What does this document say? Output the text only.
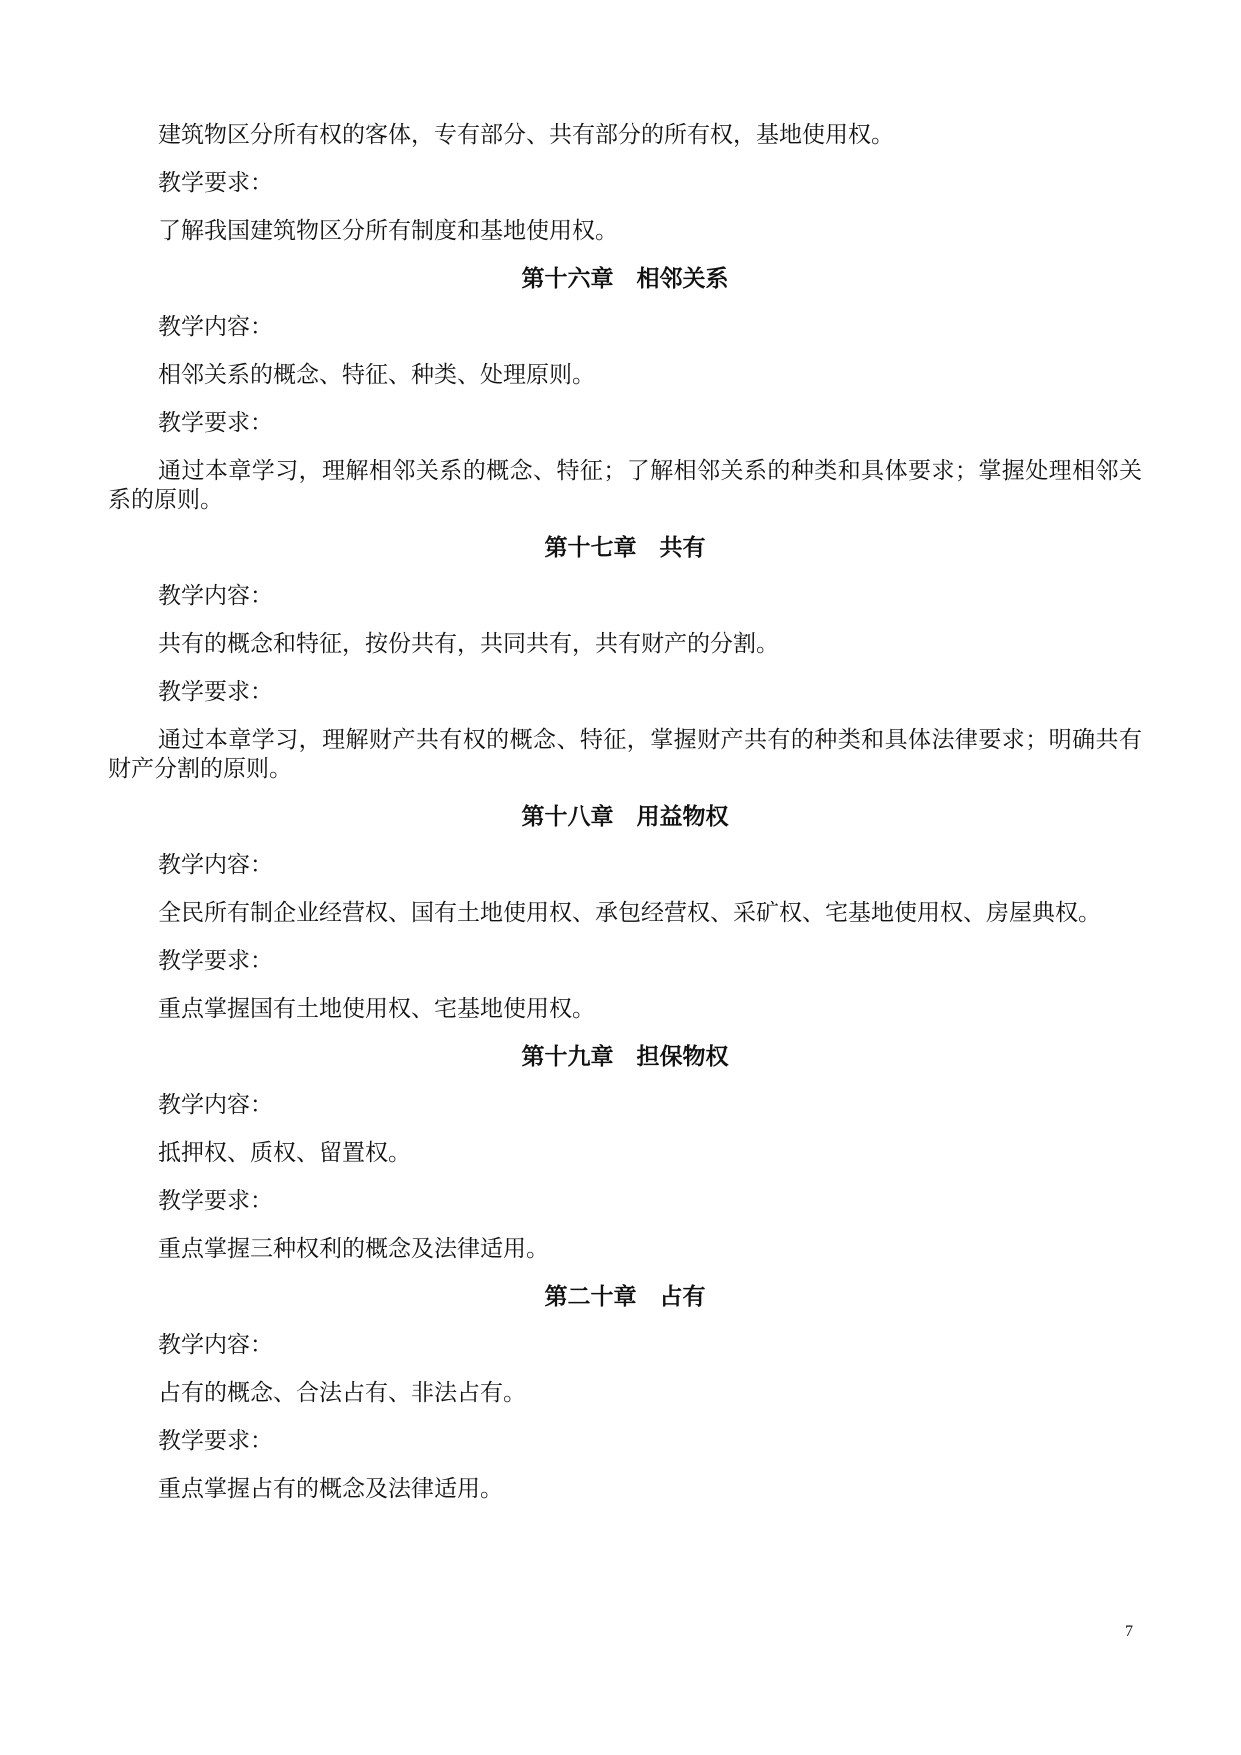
建筑物区分所有权的客体，专有部分、共有部分的所有权，基地使用权。
教学要求：
了解我国建筑物区分所有制度和基地使用权。
第十六章　相邻关系
教学内容：
相邻关系的概念、特征、种类、处理原则。
教学要求：
通过本章学习，理解相邻关系的概念、特征；了解相邻关系的种类和具体要求；掌握处理相邻关系的原则。
第十七章　共有
教学内容：
共有的概念和特征，按份共有，共同共有，共有财产的分割。
教学要求：
通过本章学习，理解财产共有权的概念、特征，掌握财产共有的种类和具体法律要求；明确共有财产分割的原则。
第十八章　用益物权
教学内容：
全民所有制企业经营权、国有土地使用权、承包经营权、采矿权、宅基地使用权、房屋典权。
教学要求：
重点掌握国有土地使用权、宅基地使用权。
第十九章　担保物权
教学内容：
抵押权、质权、留置权。
教学要求：
重点掌握三种权利的概念及法律适用。
第二十章　占有
教学内容：
占有的概念、合法占有、非法占有。
教学要求：
重点掌握占有的概念及法律适用。
7
